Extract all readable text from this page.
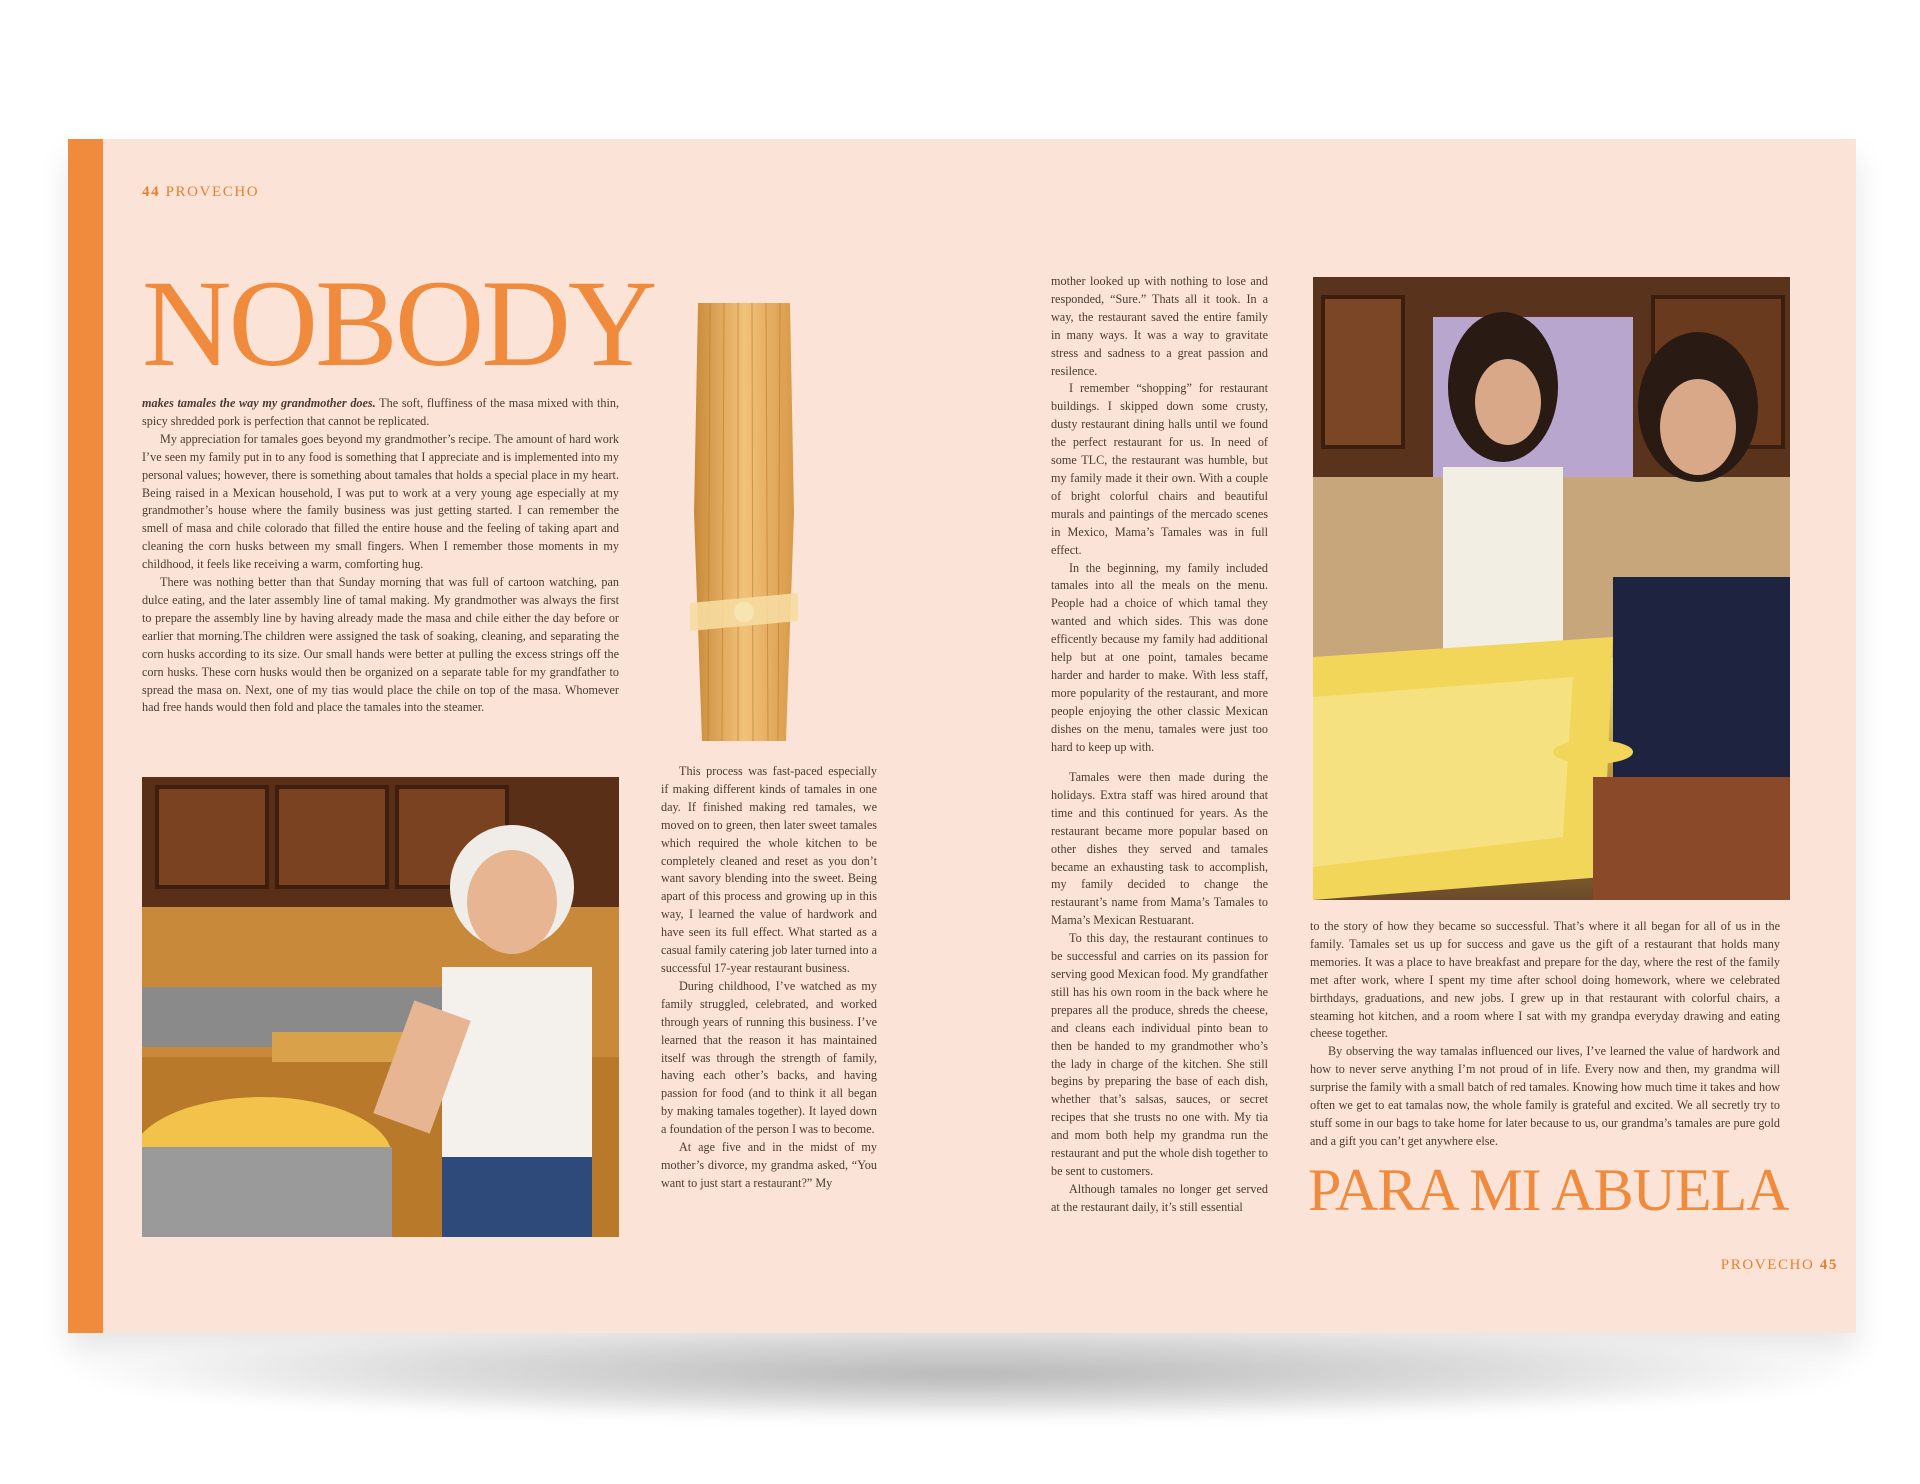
44 PROVECHO
NOBODY

makes tamales the way my grandmother does. The soft, fluffiness of the masa mixed with thin, spicy shredded pork is perfection that cannot be replicated.

My appreciation for tamales goes beyond my grandmother’s recipe. The amount of hard work I’ve seen my family put in to any food is something that I appreciate and is implemented into my personal values; however, there is something about tamales that holds a special place in my heart. Being raised in a Mexican household, I was put to work at a very young age especially at my grandmother’s house where the family business was just getting started. I can remember the smell of masa and chile colorado that filled the entire house and the feeling of taking apart and cleaning the corn husks between my small fingers. When I remember those moments in my childhood, it feels like receiving a warm, comforting hug.

There was nothing better than that Sunday morning that was full of cartoon watching, pan dulce eating, and the later assembly line of tamal making. My grandmother was always the first to prepare the assembly line by having already made the masa and chile either the day before or earlier that morning.The children were assigned the task of soaking, cleaning, and separating the corn husks according to its size. Our small hands were better at pulling the excess strings off the corn husks. These corn husks would then be organized on a separate table for my grandfather to spread the masa on. Next, one of my tias would place the chile on top of the masa. Whomever had free hands would then fold and place the tamales into the steamer.

This process was fast-paced especially if making different kinds of tamales in one day. If finished making red tamales, we moved on to green, then later sweet tamales which required the whole kitchen to be completely cleaned and reset as you don’t want savory blending into the sweet. Being apart of this process and growing up in this way, I learned the value of hardwork and have seen its full effect. What started as a casual family catering job later turned into a successful 17-year restaurant business.

During childhood, I’ve watched as my family struggled, celebrated, and worked through years of running this business. I’ve learned that the reason it has maintained itself was through the strength of family, having each other’s backs, and having passion for food (and to think it all began by making tamales together). It layed down a foundation of the person I was to become.

At age five and in the midst of my mother’s divorce, my grandma asked, “You want to just start a restaurant?” My

mother looked up with nothing to lose and responded, “Sure.” Thats all it took. In a way, the restaurant saved the entire family in many ways. It was a way to gravitate stress and sadness to a great passion and resilence.

I remember “shopping” for restaurant buildings. I skipped down some crusty, dusty restaurant dining halls until we found the perfect restaurant for us. In need of some TLC, the restaurant was humble, but my family made it their own. With a couple of bright colorful chairs and beautiful murals and paintings of the mercado scenes in Mexico, Mama’s Tamales was in full effect.

In the beginning, my family included tamales into all the meals on the menu. People had a choice of which tamal they wanted and which sides. This was done efficently because my family had additional help but at one point, tamales became harder and harder to make. With less staff, more popularity of the restaurant, and more people enjoying the other classic Mexican dishes on the menu, tamales were just too hard to keep up with.

Tamales were then made during the holidays. Extra staff was hired around that time and this continued for years. As the restaurant became more popular based on other dishes they served and tamales became an exhausting task to accomplish, my family decided to change the restaurant’s name from Mama’s Tamales to Mama’s Mexican Restuarant.

To this day, the restaurant continues to be successful and carries on its passion for serving good Mexican food. My grandfather still has his own room in the back where he prepares all the produce, shreds the cheese, and cleans each individual pinto bean to then be handed to my grandmother who’s the lady in charge of the kitchen. She still begins by preparing the base of each dish, whether that’s salsas, sauces, or secret recipes that she trusts no one with. My tia and mom both help my grandma run the restaurant and put the whole dish together to be sent to customers.

Although tamales no longer get served at the restaurant daily, it’s still essential

to the story of how they became so successful. That’s where it all began for all of us in the family. Tamales set us up for success and gave us the gift of a restaurant that holds many memories. It was a place to have breakfast and prepare for the day, where the rest of the family met after work, where I spent my time after school doing homework, where we celebrated birthdays, graduations, and new jobs. I grew up in that restaurant with colorful chairs, a steaming hot kitchen, and a room where I sat with my grandpa everyday drawing and eating cheese together.

By observing the way tamalas influenced our lives, I’ve learned the value of hardwork and how to never serve anything I’m not proud of in life. Every now and then, my grandma will surprise the family with a small batch of red tamales. Knowing how much time it takes and how often we get to eat tamalas now, the whole family is grateful and excited. We all secretly try to stuff some in our bags to take home for later because to us, our grandma’s tamales are pure gold and a gift you can’t get anywhere else.

PARA MI ABUELA
PROVECHO 45
